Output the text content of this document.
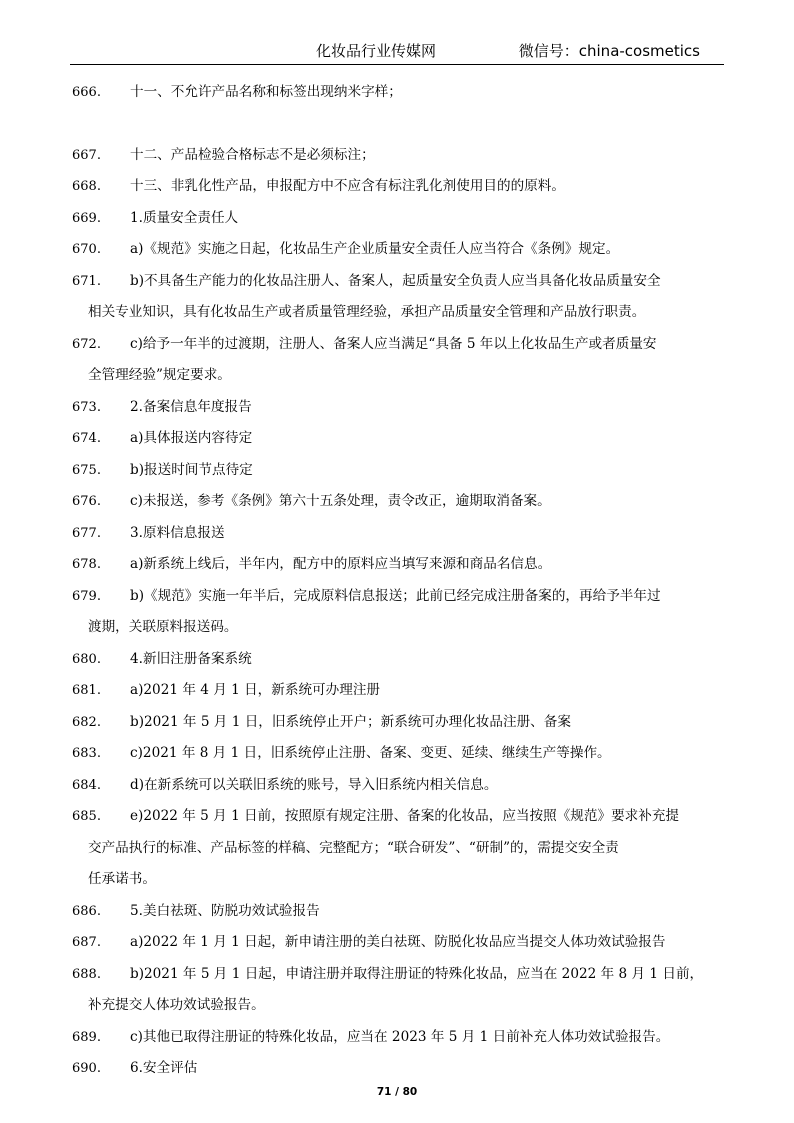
化妆品行业传媒网	微信号：china-cosmetics
666.	十一、不允许产品名称和标签出现纳米字样；
667.	十二、产品检验合格标志不是必须标注；
668.	十三、非乳化性产品，申报配方中不应含有标注乳化剂使用目的的原料。
669.	1.质量安全责任人
670.	a)《规范》实施之日起，化妆品生产企业质量安全责任人应当符合《条例》规定。
671.	b)不具备生产能力的化妆品注册人、备案人，起质量安全负责人应当具备化妆品质量安全
相关专业知识，具有化妆品生产或者质量管理经验，承担产品质量安全管理和产品放行职责。
672.	c)给予一年半的过渡期，注册人、备案人应当满足“具备 5 年以上化妆品生产或者质量安
全管理经验”规定要求。
673.	2.备案信息年度报告
674.	a)具体报送内容待定
675.	b)报送时间节点待定
676.	c)未报送，参考《条例》第六十五条处理，责令改正，逾期取消备案。
677.	3.原料信息报送
678.	a)新系统上线后，半年内，配方中的原料应当填写来源和商品名信息。
679.	b)《规范》实施一年半后，完成原料信息报送；此前已经完成注册备案的，再给予半年过
渡期，关联原料报送码。
680.	4.新旧注册备案系统
681.	a)2021 年 4 月 1 日，新系统可办理注册
682.	b)2021 年 5 月 1 日，旧系统停止开户；新系统可办理化妆品注册、备案
683.	c)2021 年 8 月 1 日，旧系统停止注册、备案、变更、延续、继续生产等操作。
684.	d)在新系统可以关联旧系统的账号，导入旧系统内相关信息。
685.	e)2022 年 5 月 1 日前，按照原有规定注册、备案的化妆品，应当按照《规范》要求补充提
交产品执行的标准、产品标签的样稿、完整配方；“联合研发”、“研制”的，需提交安全责
任承诺书。
686.	5.美白祛斑、防脱功效试验报告
687.	a)2022 年 1 月 1 日起，新申请注册的美白祛斑、防脱化妆品应当提交人体功效试验报告
688.	b)2021 年 5 月 1 日起，申请注册并取得注册证的特殊化妆品，应当在 2022 年 8 月 1 日前，
补充提交人体功效试验报告。
689.	c)其他已取得注册证的特殊化妆品，应当在 2023 年 5 月 1 日前补充人体功效试验报告。
690.	6.安全评估
71 / 80
